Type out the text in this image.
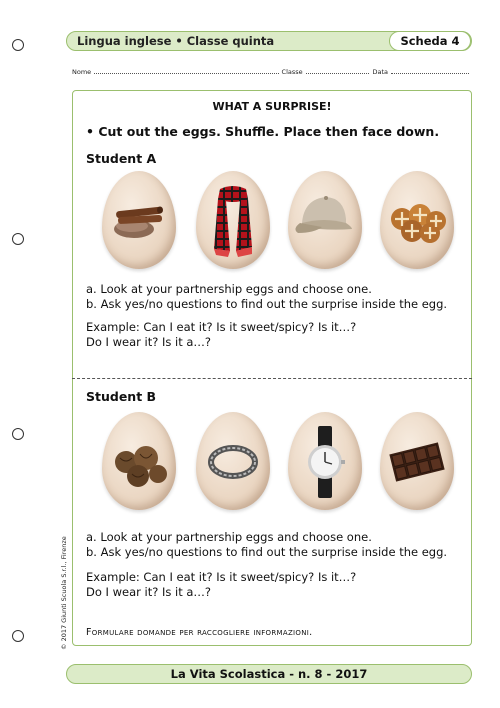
Lingua inglese • Classe quinta	Scheda 4
Nome	Classe	Data
WHAT A SURPRISE!
• Cut out the eggs. Shuffle. Place then face down.
Student A
a. Look at your partnership eggs and choose one.
b. Ask yes/no questions to find out the surprise inside the egg.
Example: Can I eat it? Is it sweet/spicy? Is it…?
Do I wear it? Is it a…?
Student B
a. Look at your partnership eggs and choose one.
b. Ask yes/no questions to find out the surprise inside the egg.
Example: Can I eat it? Is it sweet/spicy? Is it…?
Do I wear it? Is it a…?
Formulare domande per raccogliere informazioni.
© 2017 Giunti Scuola S.r.l., Firenze
La Vita Scolastica - n. 8 - 2017
